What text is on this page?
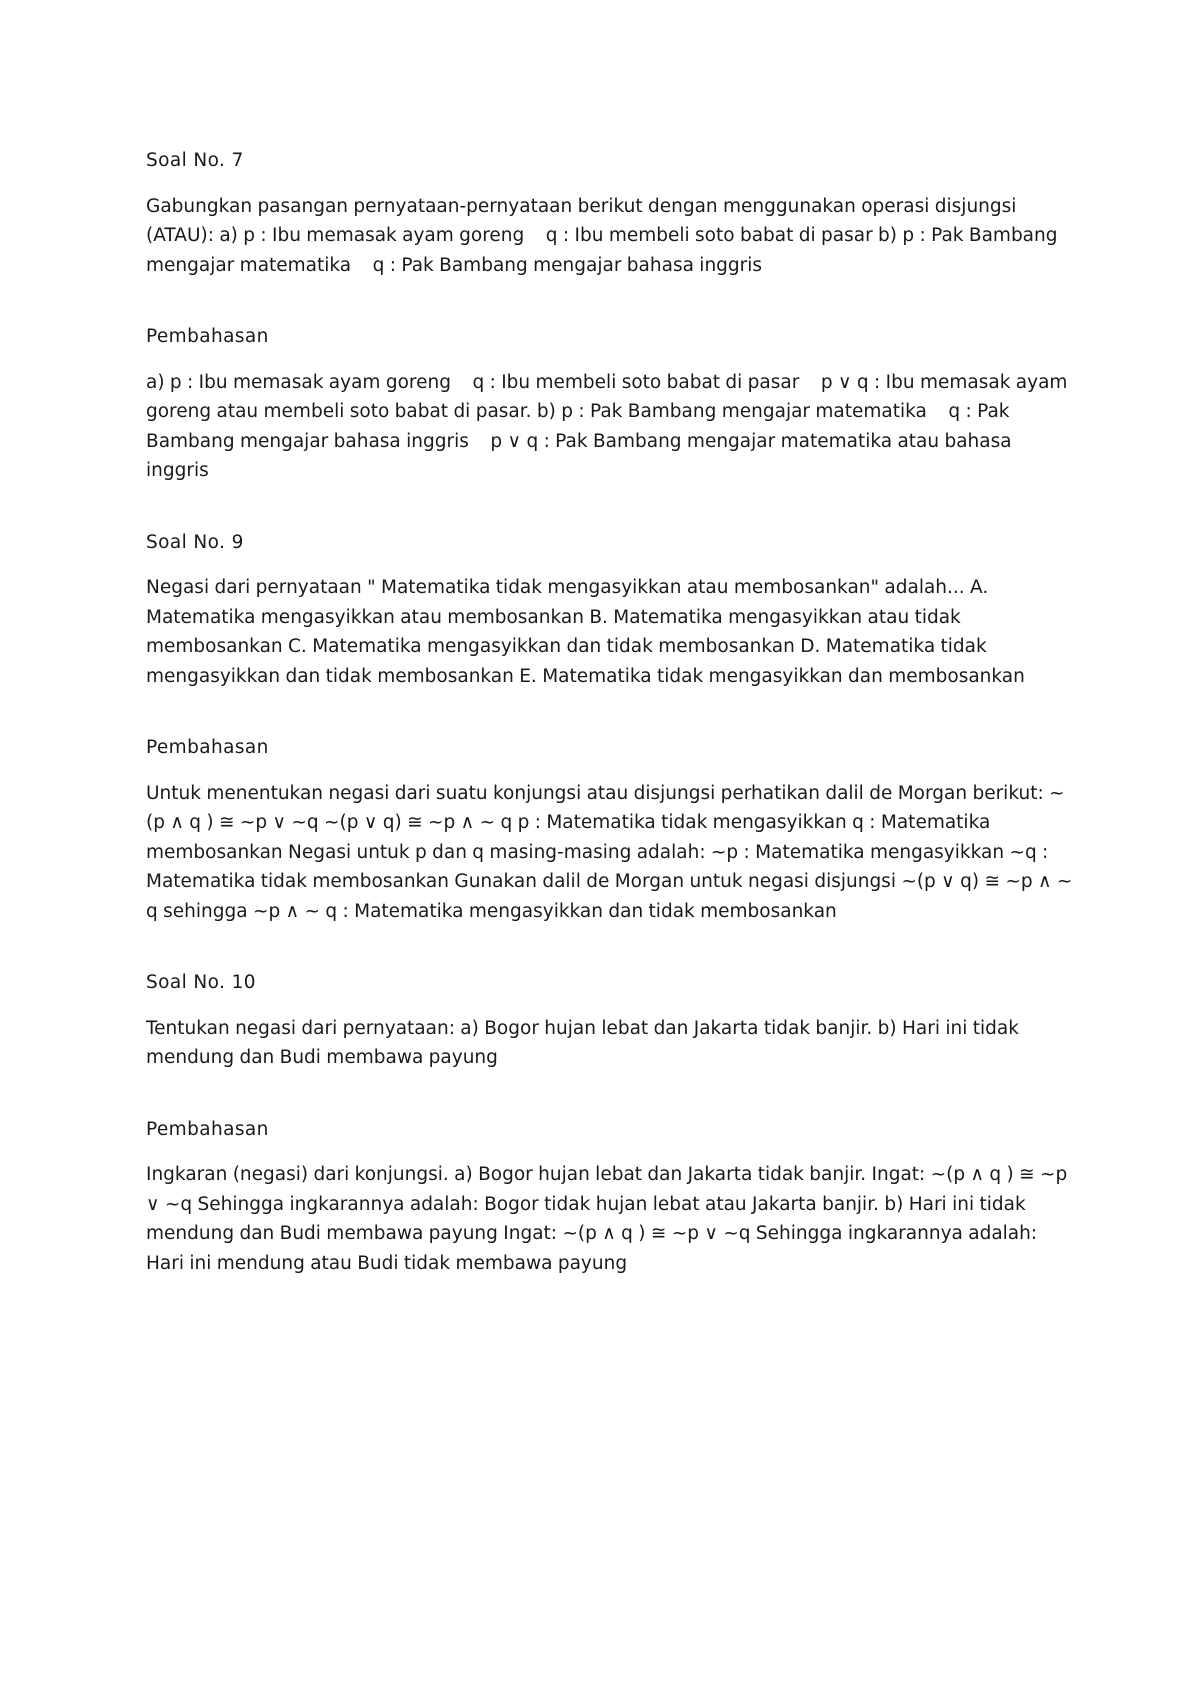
Soal No. 7

Gabungkan pasangan pernyataan-pernyataan berikut dengan menggunakan operasi disjungsi (ATAU): a) p : Ibu memasak ayam goreng    q : Ibu membeli soto babat di pasar b) p : Pak Bambang mengajar matematika    q : Pak Bambang mengajar bahasa inggris

Pembahasan

a) p : Ibu memasak ayam goreng    q : Ibu membeli soto babat di pasar    p ∨ q : Ibu memasak ayam goreng atau membeli soto babat di pasar. b) p : Pak Bambang mengajar matematika    q : Pak Bambang mengajar bahasa inggris    p ∨ q : Pak Bambang mengajar matematika atau bahasa inggris

Soal No. 9

Negasi dari pernyataan " Matematika tidak mengasyikkan atau membosankan" adalah... A. Matematika mengasyikkan atau membosankan B. Matematika mengasyikkan atau tidak membosankan C. Matematika mengasyikkan dan tidak membosankan D. Matematika tidak mengasyikkan dan tidak membosankan E. Matematika tidak mengasyikkan dan membosankan

Pembahasan

Untuk menentukan negasi dari suatu konjungsi atau disjungsi perhatikan dalil de Morgan berikut: ~(p ∧ q ) ≅ ~p ∨ ~q ~(p ∨ q) ≅ ~p ∧ ~ q p : Matematika tidak mengasyikkan q : Matematika membosankan Negasi untuk p dan q masing-masing adalah: ~p : Matematika mengasyikkan ~q : Matematika tidak membosankan Gunakan dalil de Morgan untuk negasi disjungsi ~(p ∨ q) ≅ ~p ∧ ~ q sehingga ~p ∧ ~ q : Matematika mengasyikkan dan tidak membosankan

Soal No. 10

Tentukan negasi dari pernyataan: a) Bogor hujan lebat dan Jakarta tidak banjir. b) Hari ini tidak mendung dan Budi membawa payung

Pembahasan

Ingkaran (negasi) dari konjungsi. a) Bogor hujan lebat dan Jakarta tidak banjir. Ingat: ~(p ∧ q ) ≅ ~p ∨ ~q Sehingga ingkarannya adalah: Bogor tidak hujan lebat atau Jakarta banjir. b) Hari ini tidak mendung dan Budi membawa payung Ingat: ~(p ∧ q ) ≅ ~p ∨ ~q Sehingga ingkarannya adalah: Hari ini mendung atau Budi tidak membawa payung
